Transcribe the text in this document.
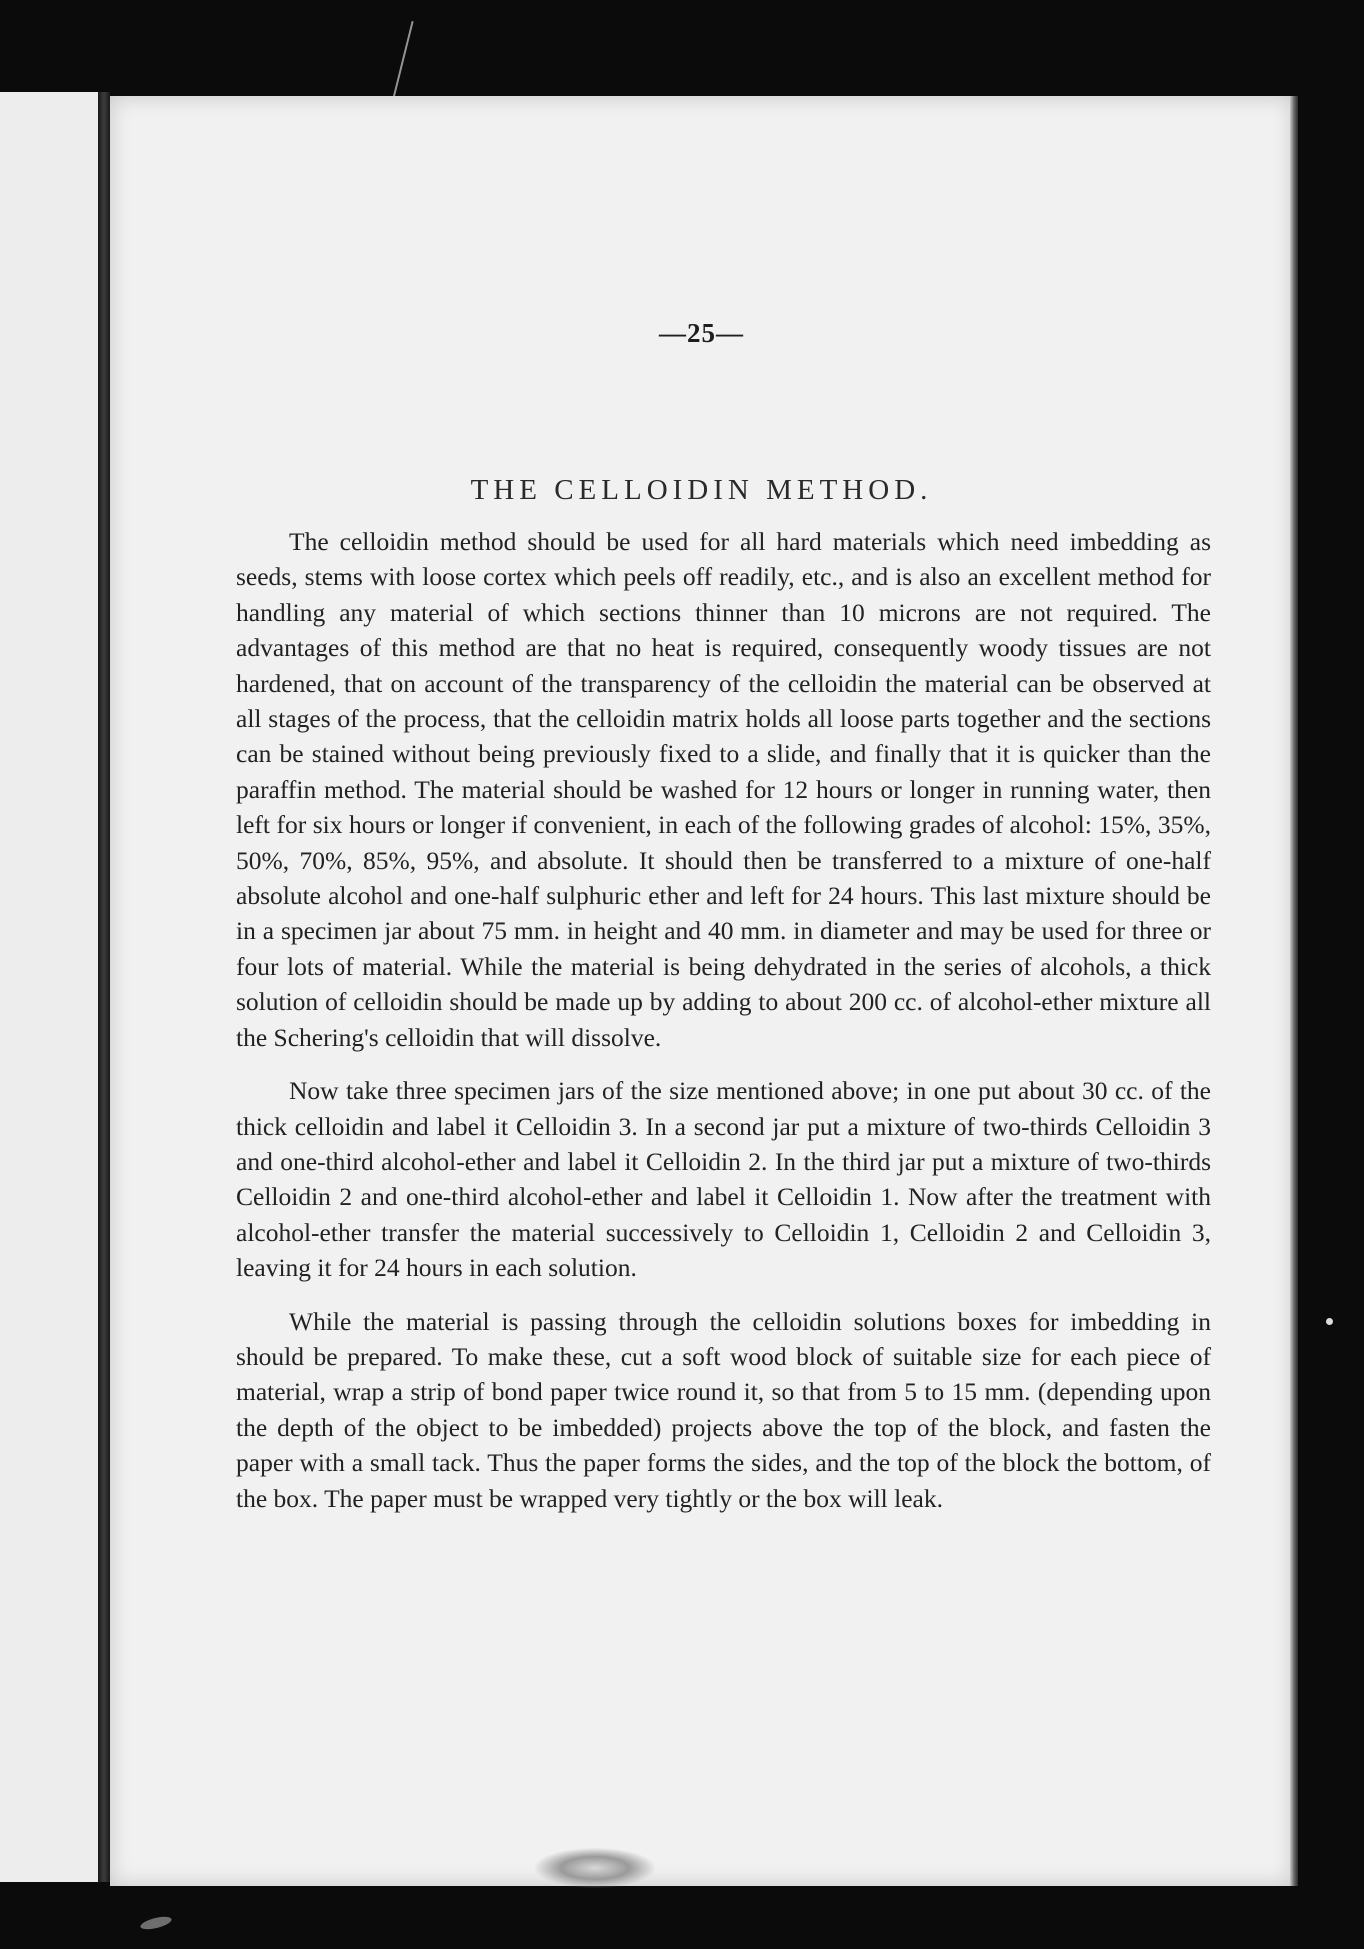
—25—
THE CELLOIDIN METHOD.

The celloidin method should be used for all hard materials which need imbedding as seeds, stems with loose cortex which peels off readily, etc., and is also an excellent method for handling any material of which sections thinner than 10 microns are not required. The advantages of this method are that no heat is required, consequently woody tissues are not hardened, that on account of the transparency of the celloidin the material can be observed at all stages of the process, that the celloidin matrix holds all loose parts together and the sections can be stained without being previously fixed to a slide, and finally that it is quicker than the paraffin method. The material should be washed for 12 hours or longer in running water, then left for six hours or longer if convenient, in each of the following grades of alcohol: 15%, 35%, 50%, 70%, 85%, 95%, and absolute. It should then be transferred to a mixture of one-half absolute alcohol and one-half sulphuric ether and left for 24 hours. This last mixture should be in a specimen jar about 75 mm. in height and 40 mm. in diameter and may be used for three or four lots of material. While the material is being dehydrated in the series of alcohols, a thick solution of celloidin should be made up by adding to about 200 cc. of alcohol-ether mixture all the Schering's celloidin that will dissolve.

Now take three specimen jars of the size mentioned above; in one put about 30 cc. of the thick celloidin and label it Celloidin 3. In a second jar put a mixture of two-thirds Celloidin 3 and one-third alcohol-ether and label it Celloidin 2. In the third jar put a mixture of two-thirds Celloidin 2 and one-third alcohol-ether and label it Celloidin 1. Now after the treatment with alcohol-ether transfer the material successively to Celloidin 1, Celloidin 2 and Celloidin 3, leaving it for 24 hours in each solution.

While the material is passing through the celloidin solutions boxes for imbedding in should be prepared. To make these, cut a soft wood block of suitable size for each piece of material, wrap a strip of bond paper twice round it, so that from 5 to 15 mm. (depending upon the depth of the object to be imbedded) projects above the top of the block, and fasten the paper with a small tack. Thus the paper forms the sides, and the top of the block the bottom, of the box. The paper must be wrapped very tightly or the box will leak.
